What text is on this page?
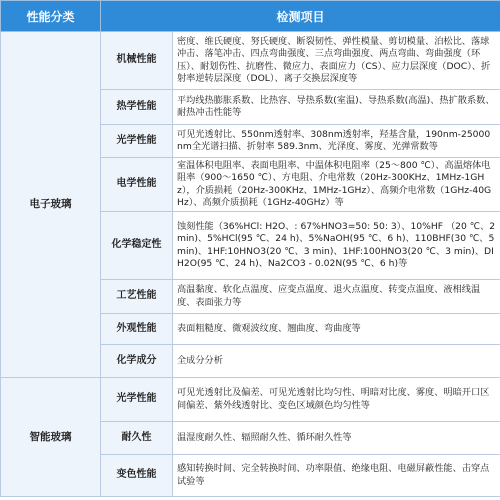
性能分类	检测项目	
电子玻璃	机械性能	密度、维氏硬度、努氏硬度、断裂韧性、弹性模量、剪切模量、泊松比、落球冲击、落笔冲击、四点弯曲强度、三点弯曲强度、两点弯曲、弯曲强度（环压）、耐划伤性、抗磨性、微应力、表面应力（CS）、应力层深度（DOC）、折射率逆转层深度（DOL）、离子交换层深度等
	热学性能	平均线热膨胀系数、比热容、导热系数(室温)、导热系数(高温)、热扩散系数、耐热冲击性能等
	光学性能	可见光透射比、550nm透射率、308nm透射率，羟基含量，190nm-25000nm全光谱扫描、折射率 589.3nm、光泽度、雾度、光弹常数等
	电学性能	室温体积电阻率、表面电阻率、中温体积电阻率（25～800 ℃）、高温熔体电阻率（900～1650 ℃）、方电阻、介电常数（20Hz-300KHz、1MHz-1GHz），介质损耗（20Hz-300KHz、1MHz-1GHz）、高频介电常数（1GHz-40GHz）、高频介质损耗（1GHz-40GHz）等
	化学稳定性	蚀刻性能（36%HCl: H2O、: 67%HNO3=50: 50: 3）、10%HF （20 ℃、2 min)、5%HCl(95 ℃、24 h)、5%NaOH(95 ℃、6 h)、110BHF(30 ℃、5 min)、1HF:10HNO3(20 ℃、3 min)、1HF:100HNO3(20 ℃、3 min)、DI H2O(95 ℃、24 h)、Na2CO3 - 0.02N(95 ℃、6 h)等
	工艺性能	高温黏度、软化点温度、应变点温度、退火点温度、转变点温度、液相线温度、表面张力等
	外观性能	表面粗糙度、微观波纹度、翘曲度、弯曲度等
	化学成分	全成分分析
智能玻璃	光学性能	可见光透射比及偏差、可见光透射比均匀性、明暗对比度、雾度、明暗开口区间偏差、紫外线透射比、变色区域颜色均匀性等
	耐久性	温湿度耐久性、辐照耐久性、循环耐久性等
	变色性能	感知转换时间、完全转换时间、功率限值、绝缘电阻、电磁屏蔽性能、击穿点试验等
